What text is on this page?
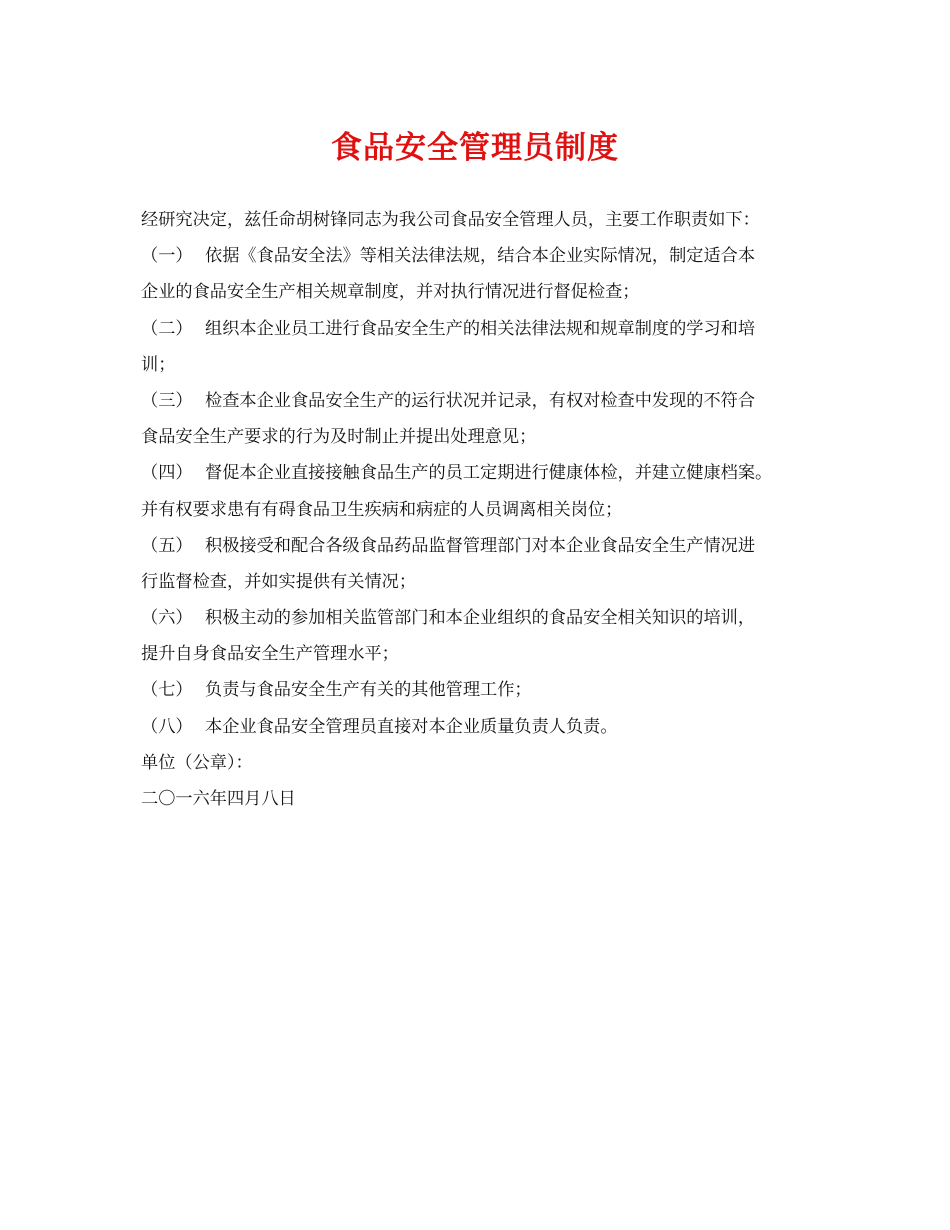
食品安全管理员制度
经研究决定，兹任命胡树锋同志为我公司食品安全管理人员，主要工作职责如下：
（一） 依据《食品安全法》等相关法律法规，结合本企业实际情况，制定适合本
企业的食品安全生产相关规章制度，并对执行情况进行督促检查；
（二） 组织本企业员工进行食品安全生产的相关法律法规和规章制度的学习和培
训；
（三） 检查本企业食品安全生产的运行状况并记录，有权对检查中发现的不符合
食品安全生产要求的行为及时制止并提出处理意见；
（四） 督促本企业直接接触食品生产的员工定期进行健康体检，并建立健康档案。
并有权要求患有有碍食品卫生疾病和病症的人员调离相关岗位；
（五） 积极接受和配合各级食品药品监督管理部门对本企业食品安全生产情况进
行监督检查，并如实提供有关情况；
（六） 积极主动的参加相关监管部门和本企业组织的食品安全相关知识的培训，
提升自身食品安全生产管理水平；
（七） 负责与食品安全生产有关的其他管理工作；
（八） 本企业食品安全管理员直接对本企业质量负责人负责。
单位（公章）：
二〇一六年四月八日
